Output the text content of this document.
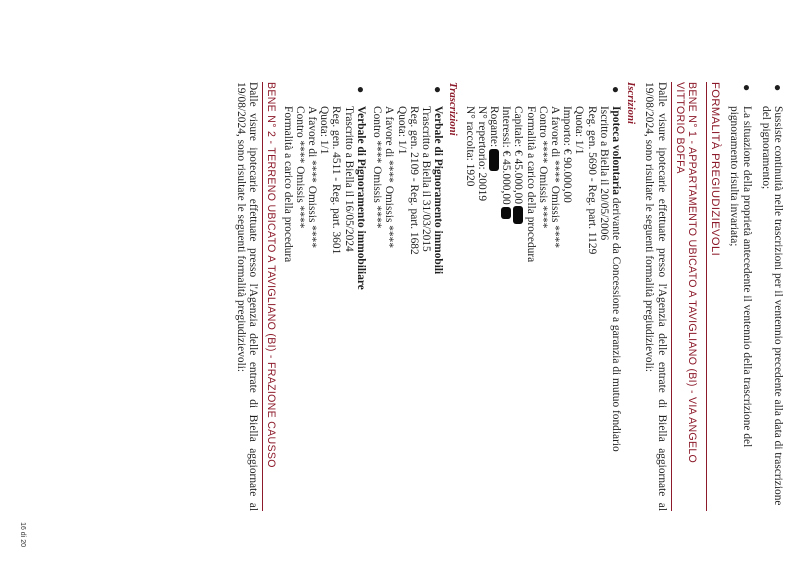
●
Sussiste continuità nelle trascrizioni per il ventennio precedente alla data di trascrizione del pignoramento;
●
La situazione della proprietà antecedente il ventennio della trascrizione del pignoramento risulta invariata;
FORMALITÀ PREGIUDIZIEVOLI
BENE N° 1 - APPARTAMENTO UBICATO A TAVIGLIANO (BI) - VIA ANGELO VITTORIO BOFFA
Dalle visure ipotecarie effettuate presso l'Agenzia delle entrate di Biella aggiornate al 19/08/2024, sono risultate le seguenti formalità pregiudizievoli:
Iscrizioni
●
Ipoteca volontaria derivante da Concessione a garanzia di mutuo fondiario
Iscritto a Biella il 20/05/2006
Reg. gen. 5690 - Reg. part. 1129
Quota: 1/1
Importo: € 90.000,00
A favore di **** Omissis ****
Contro **** Omissis ****
Formalità a carico della procedura
Capitale: € 45.000,00
Interessi: € 45.000,00
Rogante:
N° repertorio: 20019
N° raccolta: 1920
Trascrizioni
●
Verbale di Pignoramento immobili
Trascritto a Biella il 31/03/2015
Reg. gen. 2109 - Reg. part. 1682
Quota: 1/1
A favore di **** Omissis ****
Contro **** Omissis ****
●
Verbale di Pignoramento immobiliare
Trascritto a Biella il 16/05/2024
Reg. gen. 4511 - Reg. part. 3601
Quota: 1/1
A favore di **** Omissis ****
Contro **** Omissis ****
Formalità a carico della procedura
BENE N° 2 - TERRENO UBICATO A TAVIGLIANO (BI) - FRAZIONE CAUSSO
Dalle visure ipotecarie effettuate presso l'Agenzia delle entrate di Biella aggiornate al 19/08/2024, sono risultate le seguenti formalità pregiudizievoli:
16 di 20
